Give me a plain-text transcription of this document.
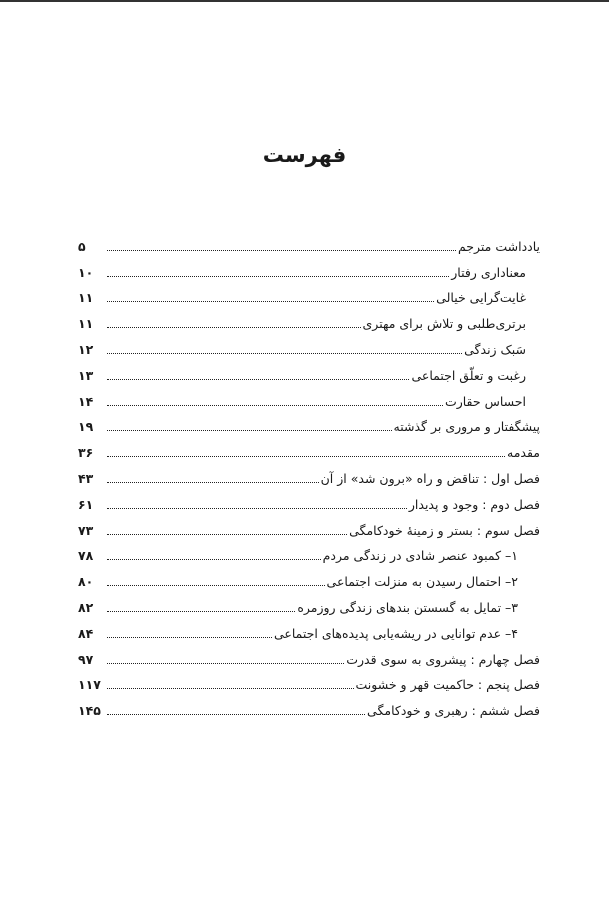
فهرست
یادداشت مترجم
۵
معناداری رفتار
۱۰
غایت‌گرایی خیالی
۱۱
برتری‌طلبی و تلاش برای مهتری
۱۱
سَبک زندگی
۱۲
رغبت و تعلّق اجتماعی
۱۳
احساس حقارت
۱۴
پیشگفتار و مروری بر گذشته
۱۹
مقدمه
۳۶
فصل اول : تناقض و راه «برون شد» از آن
۴۳
فصل دوم : وجود و پدیدار
۶۱
فصل سوم : بستر و زمینهٔ خودکامگی
۷۳
۱– کمبود عنصر شادی در زندگی مردم
۷۸
۲– احتمال رسیدن به منزلت اجتماعی
۸۰
۳– تمایل به گسستن بندهای زندگی روزمره
۸۲
۴– عدم توانایی در ریشه‌یابی پدیده‌های اجتماعی
۸۴
فصل چهارم : پیشروی به سوی قدرت
۹۷
فصل پنجم : حاکمیت قهر و خشونت
۱۱۷
فصل ششم : رهبری و خودکامگی
۱۴۵
